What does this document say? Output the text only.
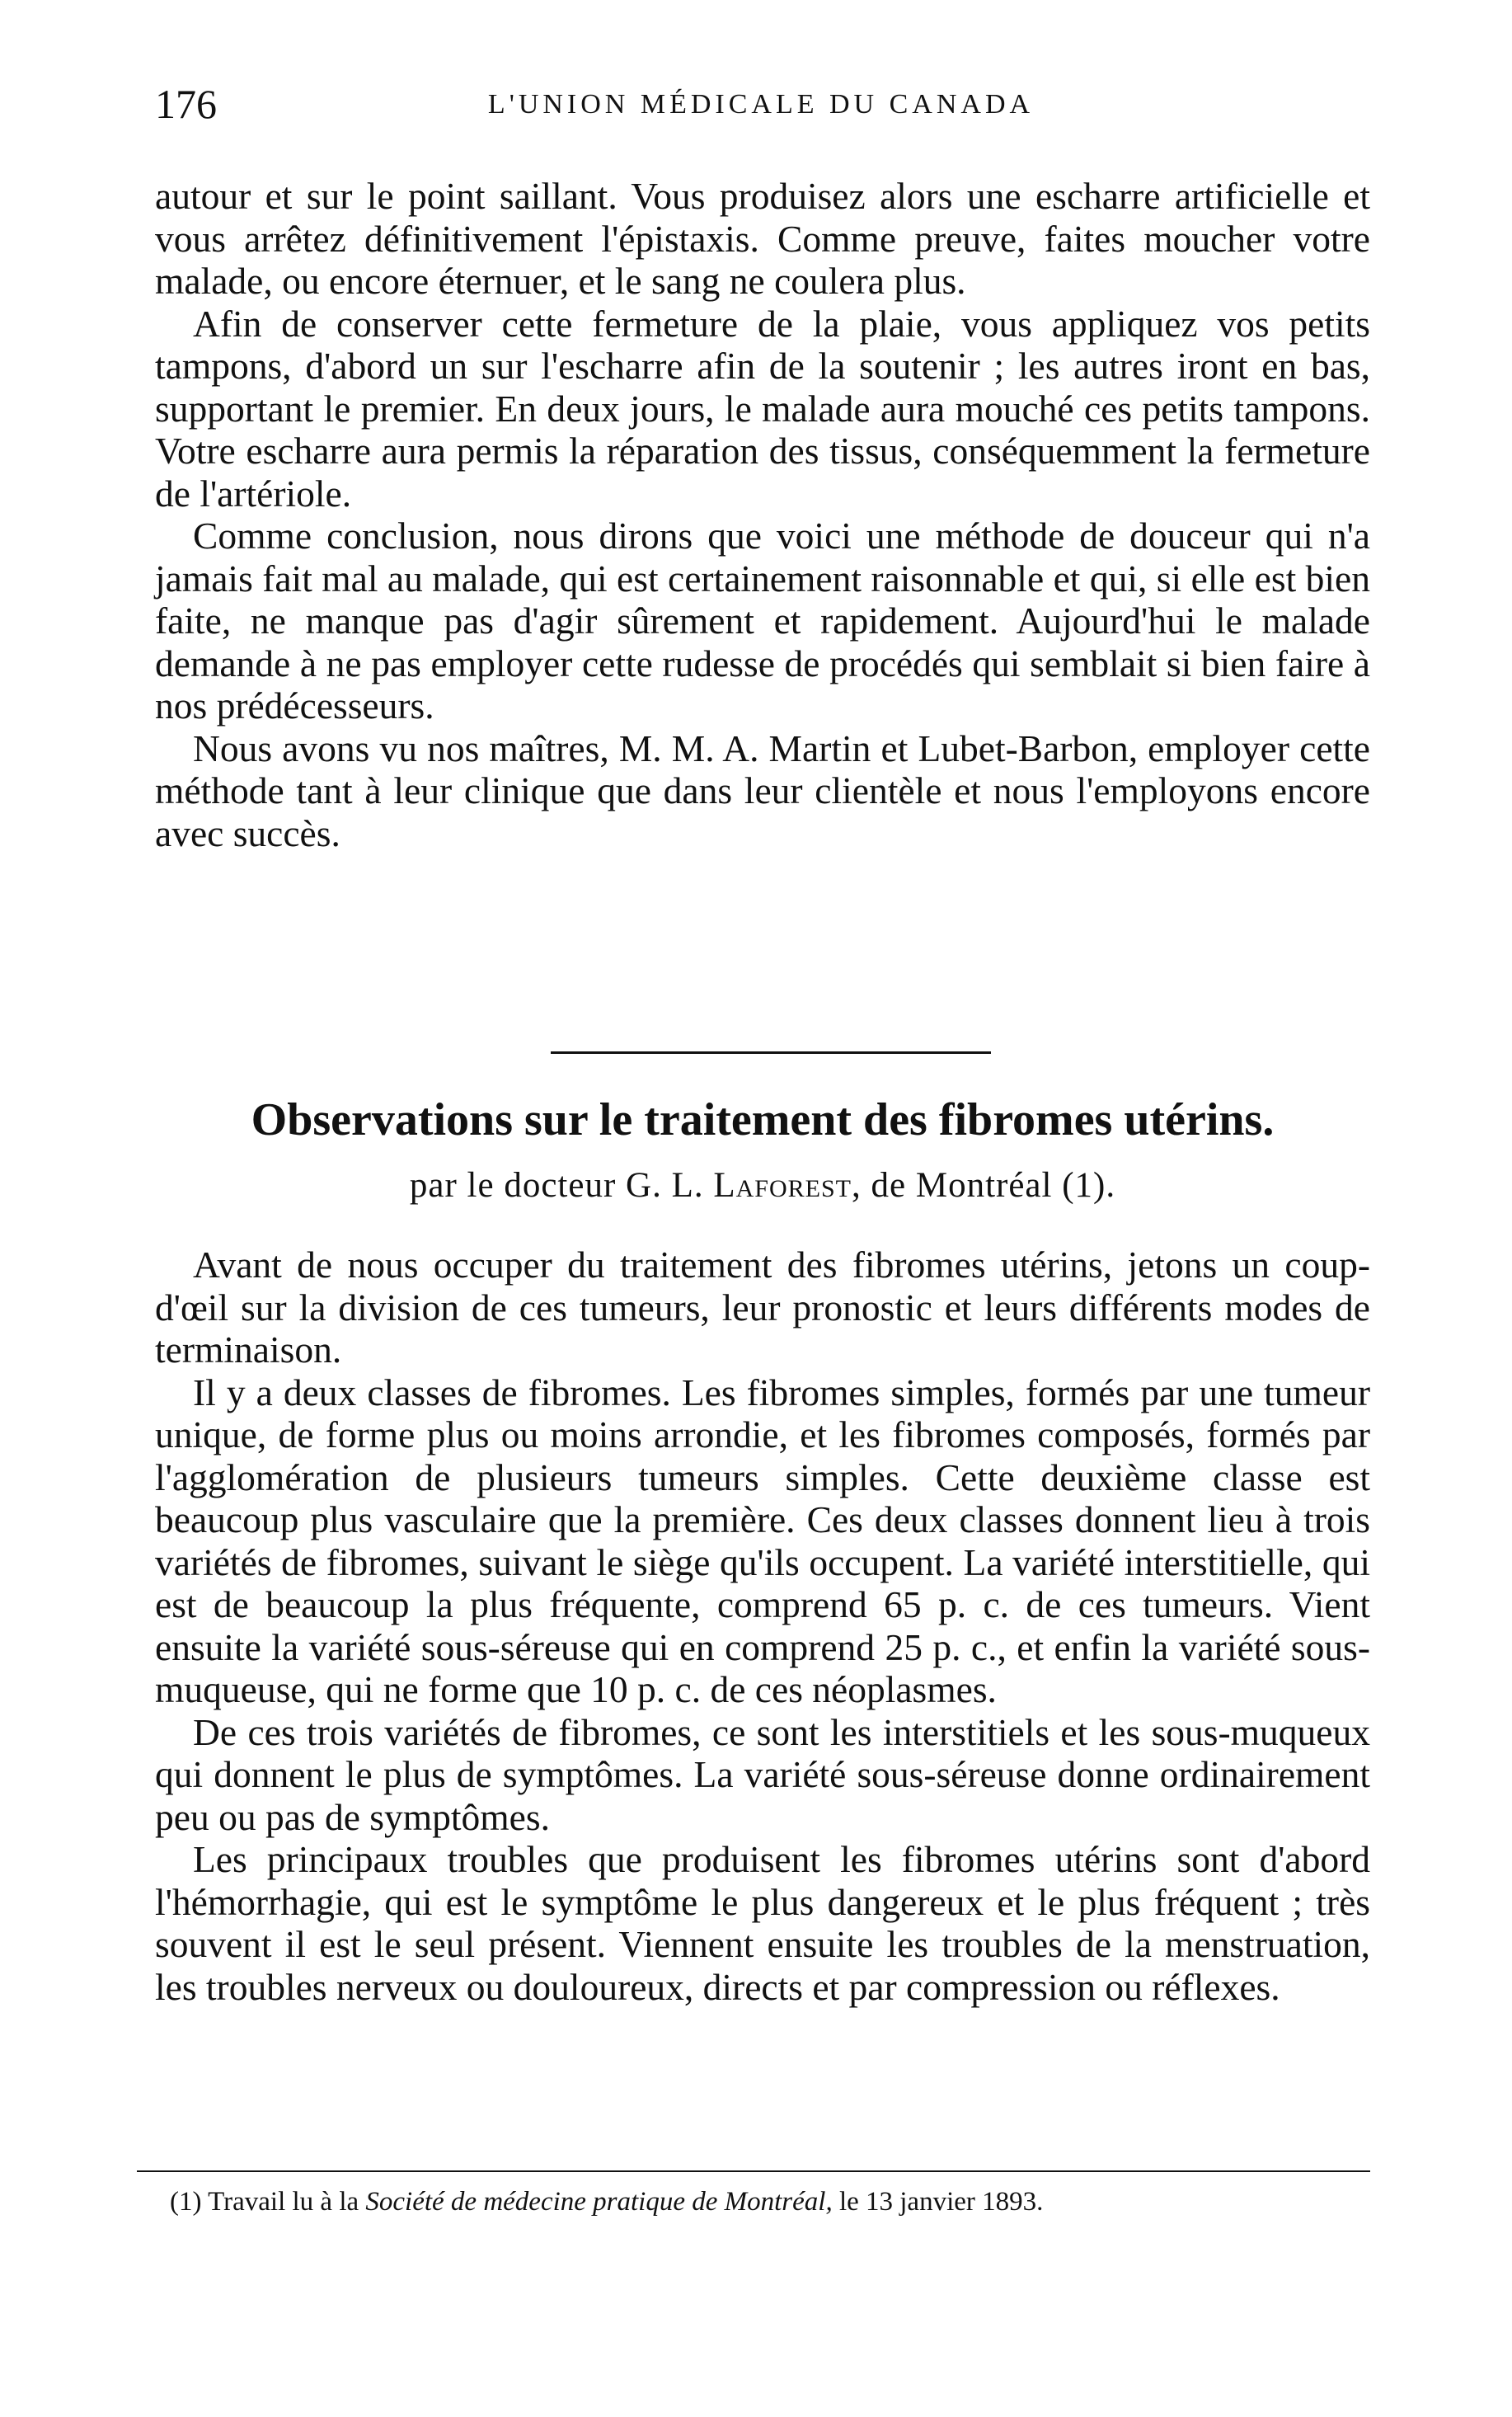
176	L'UNION MÉDICALE DU CANADA

autour et sur le point saillant. Vous produisez alors une escharre artificielle et vous arrêtez définitivement l'épistaxis. Comme preuve, faites moucher votre malade, ou encore éternuer, et le sang ne coulera plus.

Afin de conserver cette fermeture de la plaie, vous appliquez vos petits tampons, d'abord un sur l'escharre afin de la soutenir ; les autres iront en bas, supportant le premier. En deux jours, le malade aura mouché ces petits tampons. Votre escharre aura permis la réparation des tissus, conséquemment la fermeture de l'artériole.

Comme conclusion, nous dirons que voici une méthode de douceur qui n'a jamais fait mal au malade, qui est certainement raisonnable et qui, si elle est bien faite, ne manque pas d'agir sûrement et rapidement. Aujourd'hui le malade demande à ne pas employer cette rudesse de procédés qui semblait si bien faire à nos prédécesseurs.

Nous avons vu nos maîtres, M. M. A. Martin et Lubet-Barbon, employer cette méthode tant à leur clinique que dans leur clientèle et nous l'employons encore avec succès.

Observations sur le traitement des fibromes utérins.
par le docteur G. L. Laforest, de Montréal (1).

Avant de nous occuper du traitement des fibromes utérins, jetons un coup-d'œil sur la division de ces tumeurs, leur pronostic et leurs différents modes de terminaison.

Il y a deux classes de fibromes. Les fibromes simples, formés par une tumeur unique, de forme plus ou moins arrondie, et les fibromes composés, formés par l'agglomération de plusieurs tumeurs simples. Cette deuxième classe est beaucoup plus vasculaire que la première. Ces deux classes donnent lieu à trois variétés de fibromes, suivant le siège qu'ils occupent. La variété interstitielle, qui est de beaucoup la plus fréquente, comprend 65 p. c. de ces tumeurs. Vient ensuite la variété sous-séreuse qui en comprend 25 p. c., et enfin la variété sous-muqueuse, qui ne forme que 10 p. c. de ces néoplasmes.

De ces trois variétés de fibromes, ce sont les interstitiels et les sous-muqueux qui donnent le plus de symptômes. La variété sous-séreuse donne ordinairement peu ou pas de symptômes.

Les principaux troubles que produisent les fibromes utérins sont d'abord l'hémorrhagie, qui est le symptôme le plus dangereux et le plus fréquent ; très souvent il est le seul présent. Viennent ensuite les troubles de la menstruation, les troubles nerveux ou douloureux, directs et par compression ou réflexes.

(1) Travail lu à la Société de médecine pratique de Montréal, le 13 janvier 1893.
